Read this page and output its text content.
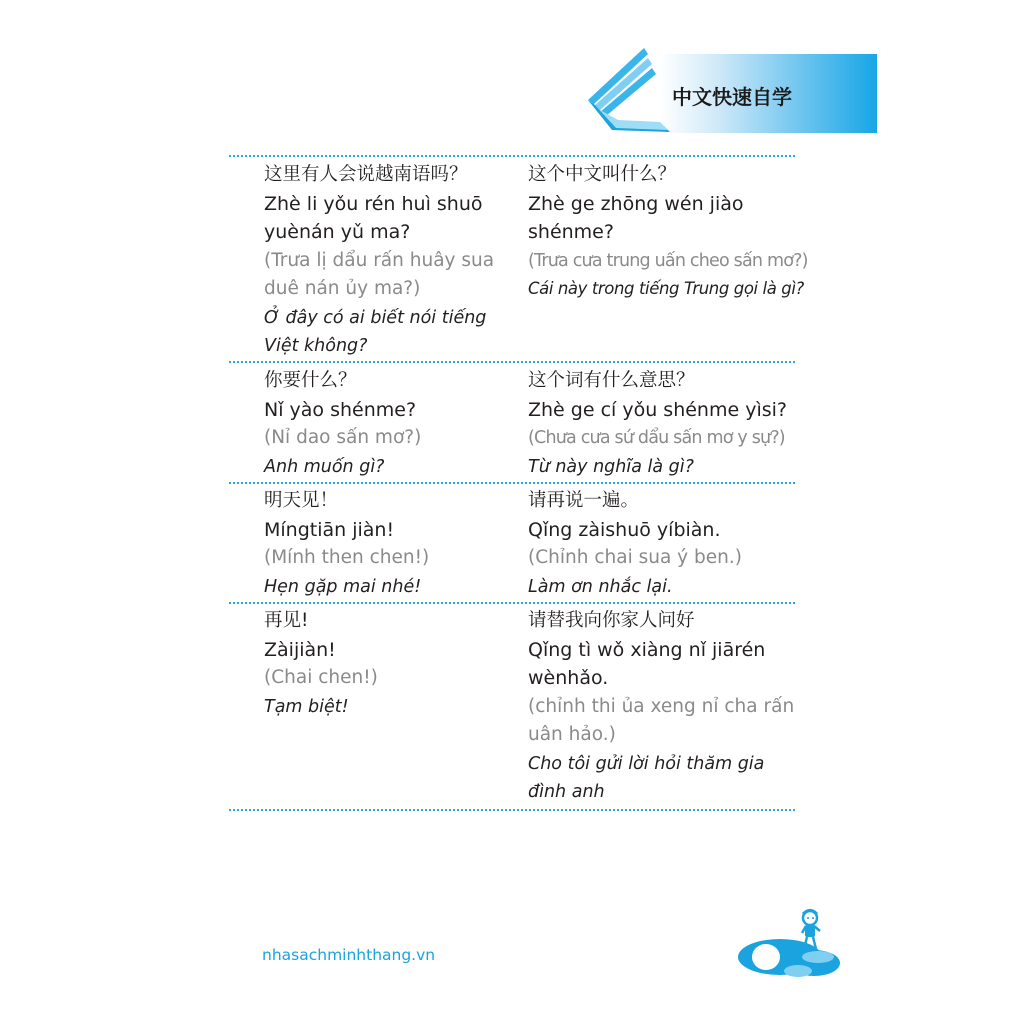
中文快速自学
这里有人会说越南语吗？
Zhè li yǒu rén huì shuō
yuènán yǔ ma?
(Trưa lị dẩu rấn huây sua
duê nán ủy ma?)
Ở đây có ai biết nói tiếng
Việt không?
这个中文叫什么？
Zhè ge zhōng wén jiào
shénme?
(Trưa cưa trung uấn cheo sấn mơ?)
Cái này trong tiếng Trung gọi là gì?
你要什么？
Nǐ yào shénme?
(Nỉ dao sấn mơ?)
Anh muốn gì?
这个词有什么意思？
Zhè ge cí yǒu shénme yìsi?
(Chưa cưa sứ dẩu sấn mơ y sự?)
Từ này nghĩa là gì?
明天见！
Míngtiān jiàn!
(Mính then chen!)
Hẹn gặp mai nhé!
请再说一遍。
Qǐng zàishuō yíbiàn.
(Chỉnh chai sua ý ben.)
Làm ơn nhắc lại.
再见!
Zàijiàn!
(Chai chen!)
Tạm biệt!
请替我向你家人问好
Qǐng tì wǒ xiàng nǐ jiārén
wènhǎo.
(chỉnh thi ủa xeng nỉ cha rấn
uân hảo.)
Cho tôi gửi lời hỏi thăm gia
đình anh
nhasachminhthang.vn	7
